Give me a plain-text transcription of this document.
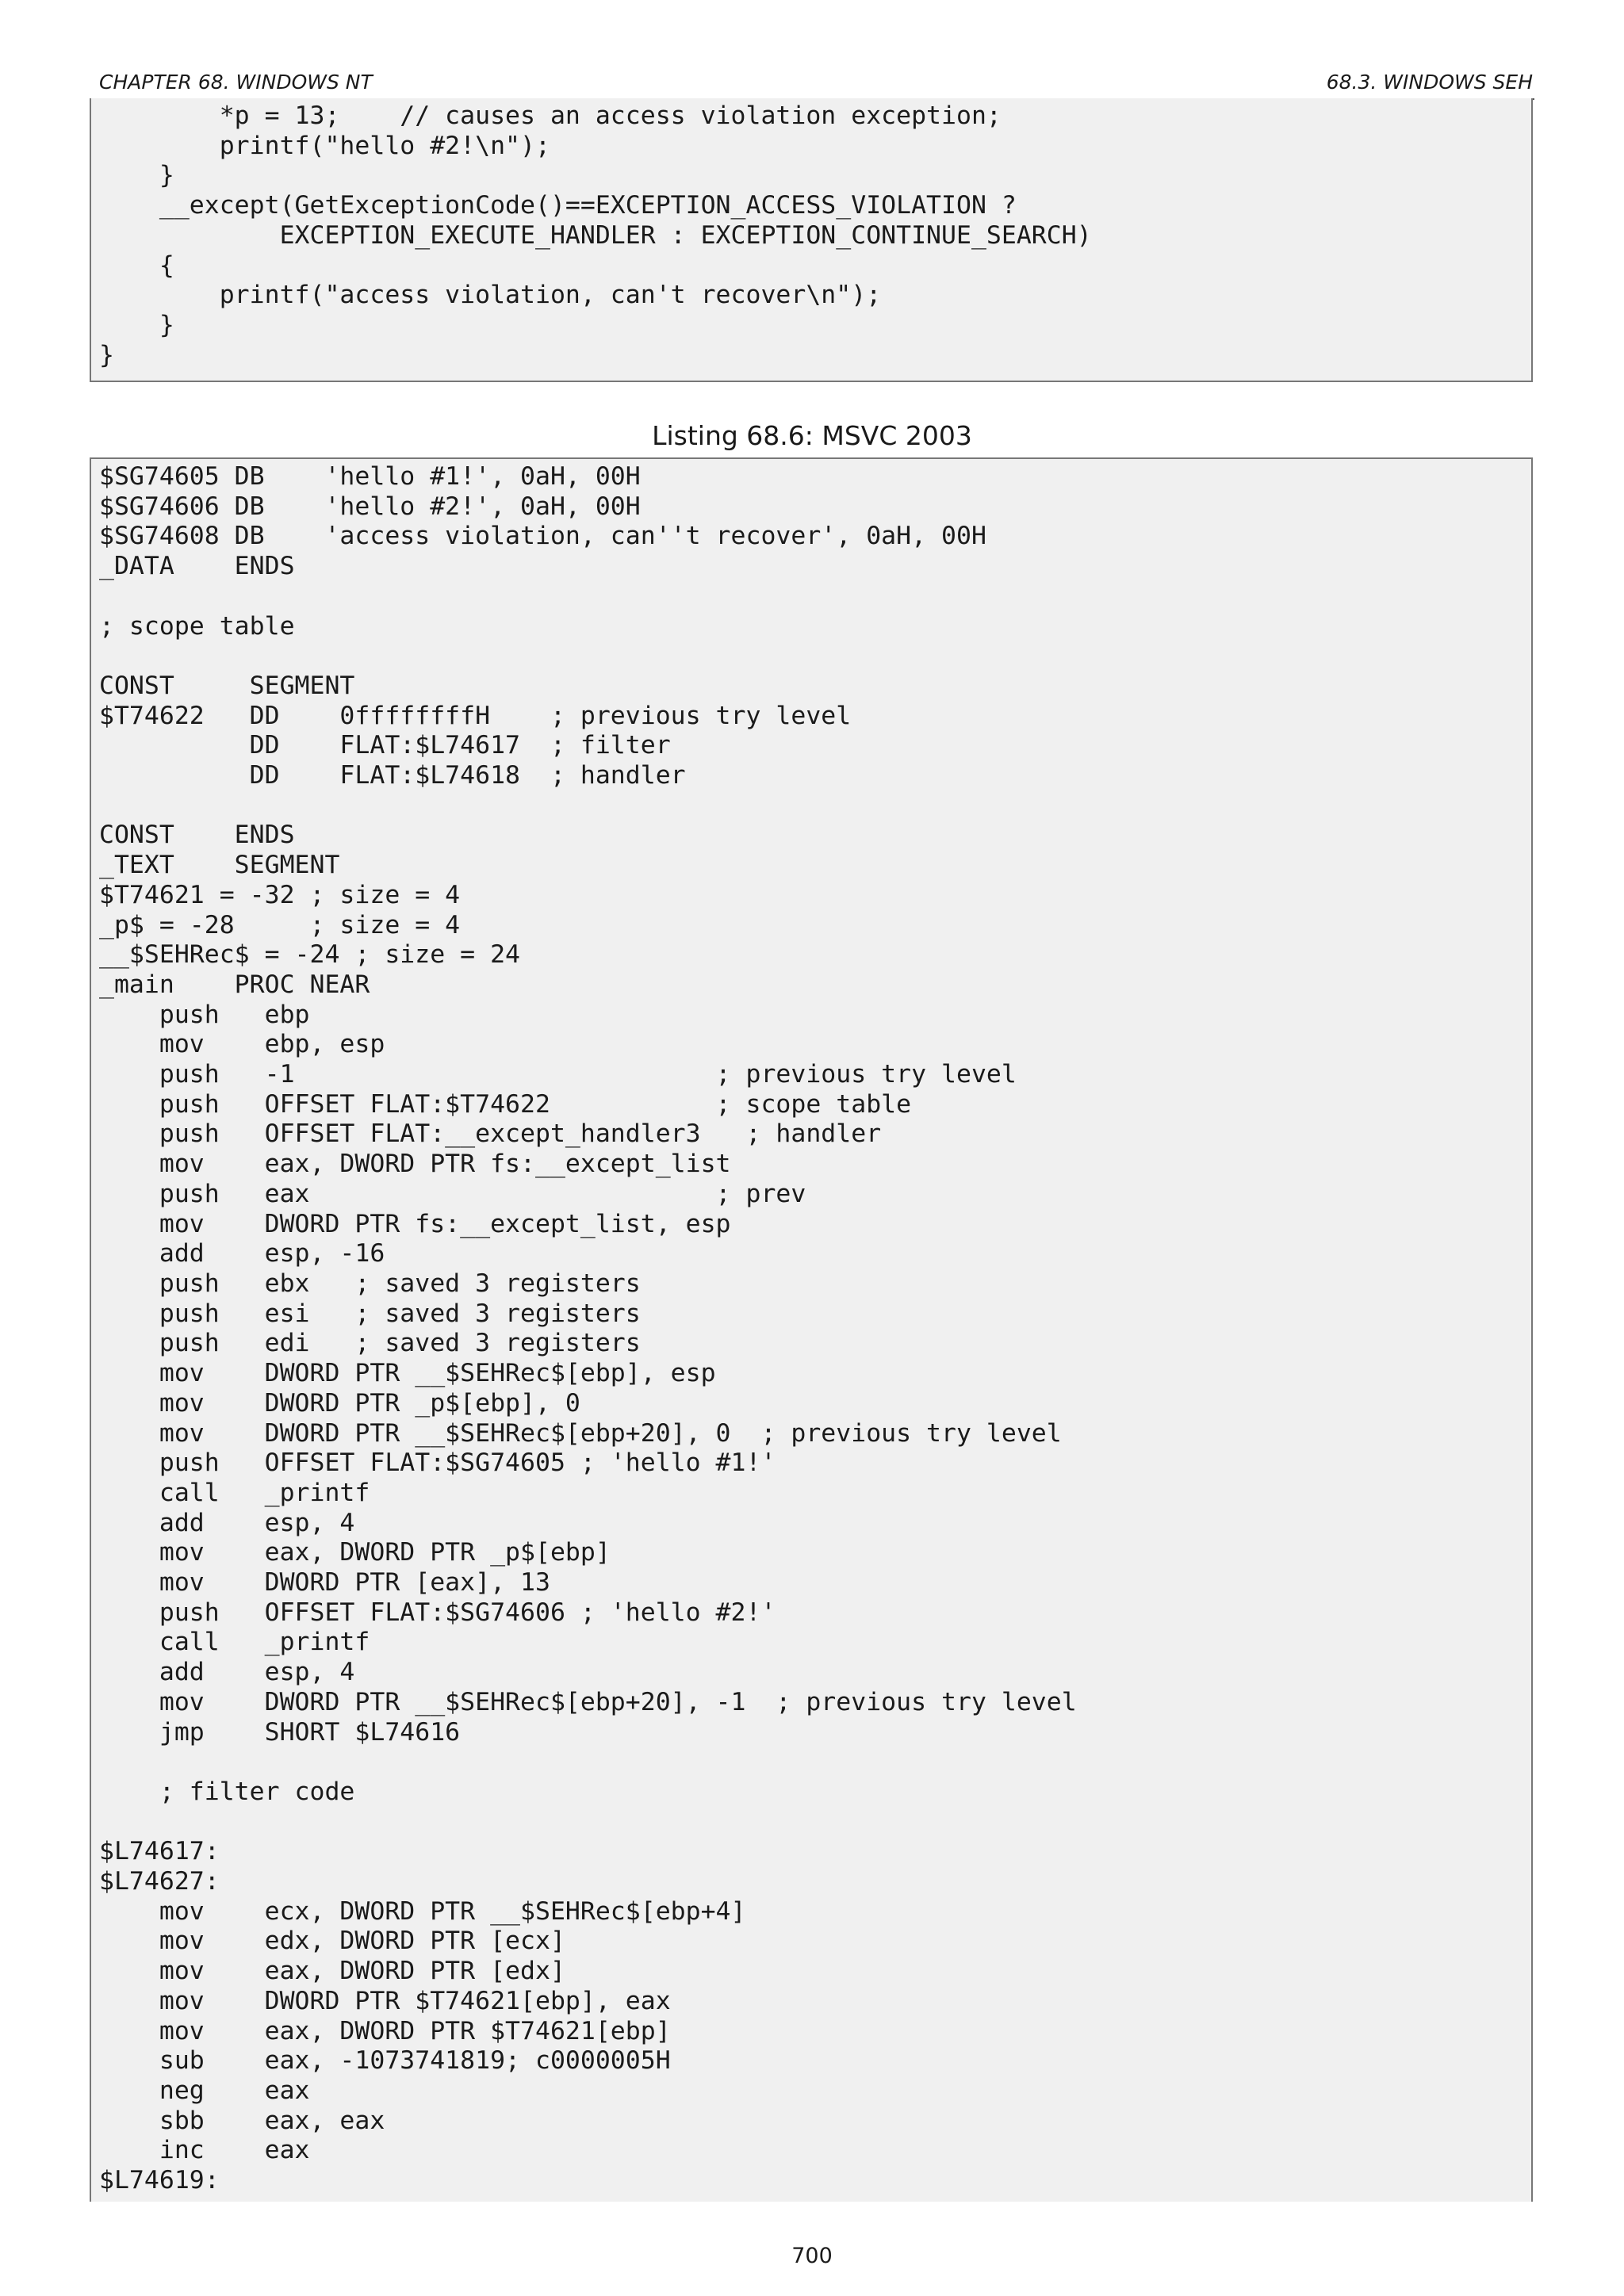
CHAPTER 68. WINDOWS NT	68.3. WINDOWS SEH
*p = 13;    // causes an access violation exception;
printf("hello #2!\n");
}
__except(GetExceptionCode()==EXCEPTION_ACCESS_VIOLATION ?
EXCEPTION_EXECUTE_HANDLER : EXCEPTION_CONTINUE_SEARCH)
{
printf("access violation, can't recover\n");
}
}
Listing 68.6: MSVC 2003
$SG74605 DB    'hello #1!', 0aH, 00H
$SG74606 DB    'hello #2!', 0aH, 00H
$SG74608 DB    'access violation, can''t recover', 0aH, 00H
_DATA    ENDS

; scope table

CONST     SEGMENT
$T74622   DD    0ffffffffH    ; previous try level
DD    FLAT:$L74617  ; filter
DD    FLAT:$L74618  ; handler

CONST    ENDS
_TEXT    SEGMENT
$T74621 = -32 ; size = 4
_p$ = -28     ; size = 4
__$SEHRec$ = -24 ; size = 24
_main    PROC NEAR
push   ebp
mov    ebp, esp
push   -1                            ; previous try level
push   OFFSET FLAT:$T74622           ; scope table
push   OFFSET FLAT:__except_handler3   ; handler
mov    eax, DWORD PTR fs:__except_list
push   eax                           ; prev
mov    DWORD PTR fs:__except_list, esp
add    esp, -16
push   ebx   ; saved 3 registers
push   esi   ; saved 3 registers
push   edi   ; saved 3 registers
mov    DWORD PTR __$SEHRec$[ebp], esp
mov    DWORD PTR _p$[ebp], 0
mov    DWORD PTR __$SEHRec$[ebp+20], 0  ; previous try level
push   OFFSET FLAT:$SG74605 ; 'hello #1!'
call   _printf
add    esp, 4
mov    eax, DWORD PTR _p$[ebp]
mov    DWORD PTR [eax], 13
push   OFFSET FLAT:$SG74606 ; 'hello #2!'
call   _printf
add    esp, 4
mov    DWORD PTR __$SEHRec$[ebp+20], -1  ; previous try level
jmp    SHORT $L74616

; filter code

$L74617:
$L74627:
mov    ecx, DWORD PTR __$SEHRec$[ebp+4]
mov    edx, DWORD PTR [ecx]
mov    eax, DWORD PTR [edx]
mov    DWORD PTR $T74621[ebp], eax
mov    eax, DWORD PTR $T74621[ebp]
sub    eax, -1073741819; c0000005H
neg    eax
sbb    eax, eax
inc    eax
$L74619:
700
